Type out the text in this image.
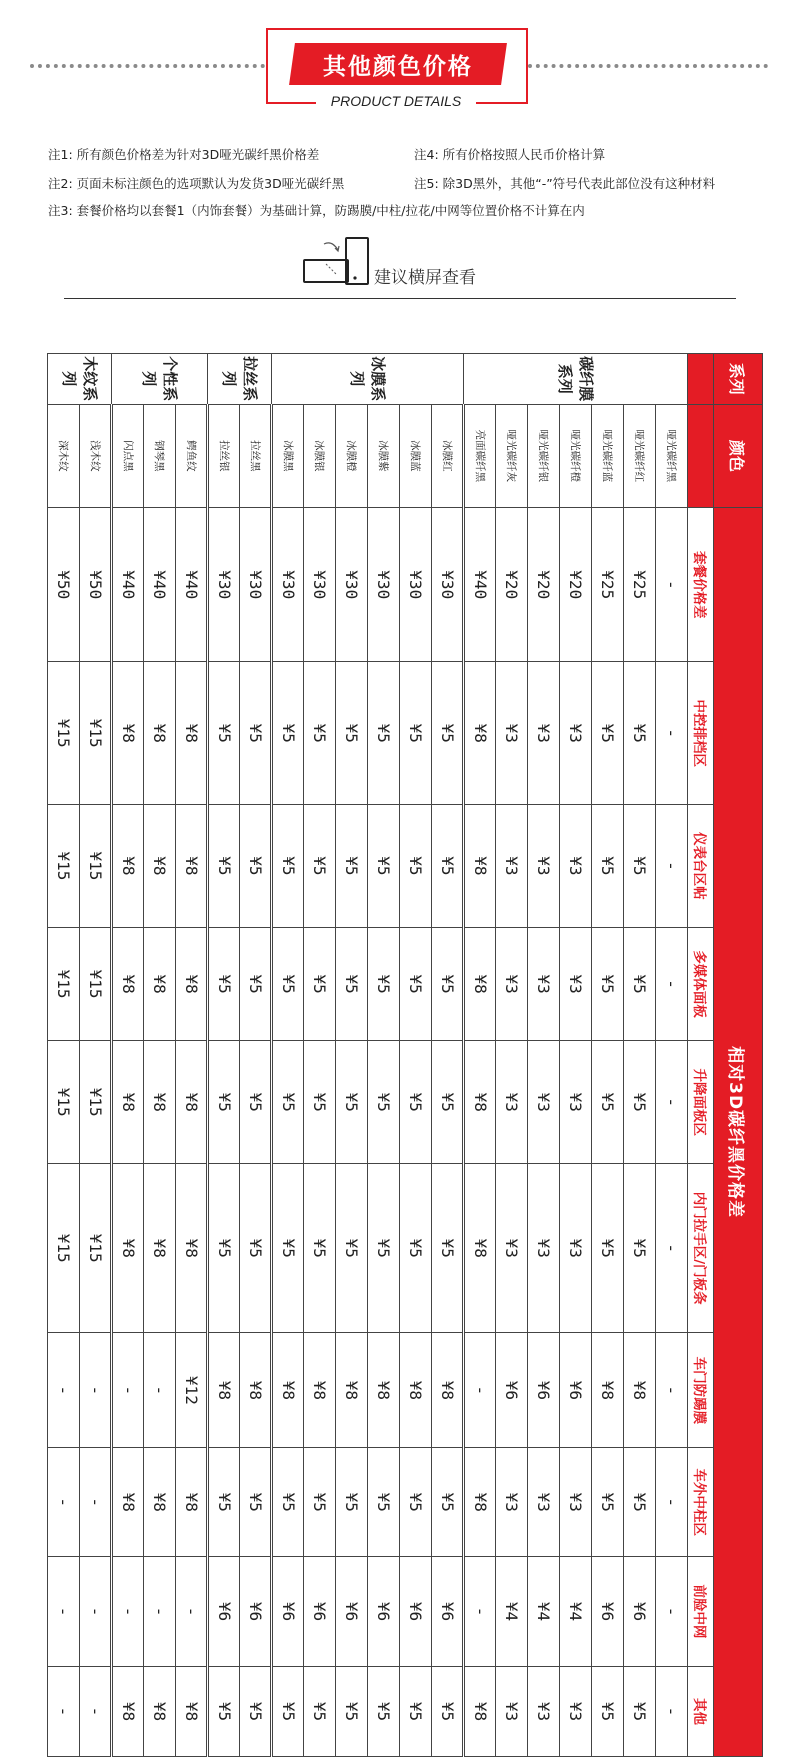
其他颜色价格
PRODUCT DETAILS
注1: 所有颜色价格差为针对3D哑光碳纤黑价格差	注4: 所有价格按照人民币价格计算
注2: 页面未标注颜色的选项默认为发货3D哑光碳纤黑	注5: 除3D黑外，其他“-”符号代表此部位没有这种材料
注3: 套餐价格均以套餐1（内饰套餐）为基础计算，防踢膜/中柱/拉花/中网等位置价格不计算在内
建议横屏查看
系列	颜色	相对3D碳纤黑价格差									
		套餐价格差	中控排档区	仪表台区帖	多媒体面板	升降面板区	内门拉手区/门板条	车门防踢膜	车外中柱区	前脸中网	其他
碳纤膜系列	哑光碳纤黑	-	-	-	-	-	-	-	-	-	-
	哑光碳纤红	¥25	¥5	¥5	¥5	¥5	¥5	¥8	¥5	¥6	¥5
	哑光碳纤蓝	¥25	¥5	¥5	¥5	¥5	¥5	¥8	¥5	¥6	¥5
	哑光碳纤橙	¥20	¥3	¥3	¥3	¥3	¥3	¥6	¥3	¥4	¥3
	哑光碳纤银	¥20	¥3	¥3	¥3	¥3	¥3	¥6	¥3	¥4	¥3
	哑光碳纤灰	¥20	¥3	¥3	¥3	¥3	¥3	¥6	¥3	¥4	¥3
	亮面碳纤黑	¥40	¥8	¥8	¥8	¥8	¥8	-	¥8	-	¥8
冰膜系列	冰膜红	¥30	¥5	¥5	¥5	¥5	¥5	¥8	¥5	¥6	¥5
	冰膜蓝	¥30	¥5	¥5	¥5	¥5	¥5	¥8	¥5	¥6	¥5
	冰膜紫	¥30	¥5	¥5	¥5	¥5	¥5	¥8	¥5	¥6	¥5
	冰膜橙	¥30	¥5	¥5	¥5	¥5	¥5	¥8	¥5	¥6	¥5
	冰膜银	¥30	¥5	¥5	¥5	¥5	¥5	¥8	¥5	¥6	¥5
	冰膜黑	¥30	¥5	¥5	¥5	¥5	¥5	¥8	¥5	¥6	¥5
拉丝系列	拉丝黑	¥30	¥5	¥5	¥5	¥5	¥5	¥8	¥5	¥6	¥5
	拉丝银	¥30	¥5	¥5	¥5	¥5	¥5	¥8	¥5	¥6	¥5
个性系列	鳄鱼纹	¥40	¥8	¥8	¥8	¥8	¥8	¥12	¥8	-	¥8
	钢琴黑	¥40	¥8	¥8	¥8	¥8	¥8	-	¥8	-	¥8
	闪点黑	¥40	¥8	¥8	¥8	¥8	¥8	-	¥8	-	¥8
木纹系列	浅木纹	¥50	¥15	¥15	¥15	¥15	¥15	-	-	-	-
	深木纹	¥50	¥15	¥15	¥15	¥15	¥15	-	-	-	-
